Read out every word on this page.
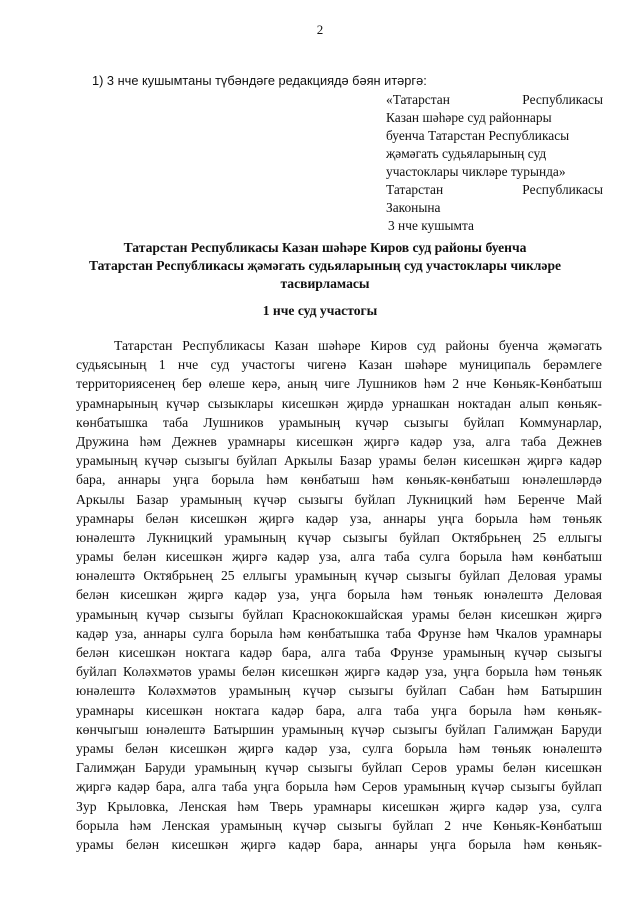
2
1) 3 нче кушымтаны түбәндәге редакциядә бәян итәргә:
«Татарстан	Республикасы
Казан шәһәре суд районнары
буенча Татарстан Республикасы
җәмәгать судьяларының суд
участоклары чикләре турында»
Татарстан	Республикасы
Законына
3 нче кушымта
Татарстан Республикасы Казан шәһәре Киров суд районы буенча
Татарстан Республикасы җәмәгать судьяларының суд участоклары чикләре
тасвирламасы
1 нче суд участогы
Татарстан Республикасы Казан шәһәре Киров суд районы буенча җәмәгать
судьясының 1 нче суд участогы чигенә Казан шәһәре муниципаль берәмлеге
территориясенең бер өлеше керә, аның чиге Лушников һәм 2 нче Көньяк-Көнбатыш
урамнарының күчәр сызыклары кисешкән җирдә урнашкан ноктадан алып көньяк-
көнбатышка таба Лушников урамының күчәр сызыгы буйлап Коммунарлар,
Дружина һәм Дежнев урамнары кисешкән җиргә кадәр уза, алга таба Дежнев
урамының күчәр сызыгы буйлап Аркылы Базар урамы белән кисешкән җиргә кадәр
бара, аннары уңга борыла һәм көнбатыш һәм көньяк-көнбатыш юнәлешләрдә
Аркылы Базар урамының күчәр сызыгы буйлап Лукницкий һәм Беренче Май
урамнары белән кисешкән җиргә кадәр уза, аннары уңга борыла һәм төньяк
юнәлештә Лукницкий урамының күчәр сызыгы буйлап Октябрьнең 25 еллыгы
урамы белән кисешкән җиргә кадәр уза, алга таба сулга борыла һәм көнбатыш
юнәлештә Октябрьнең 25 еллыгы урамының күчәр сызыгы буйлап Деловая урамы
белән кисешкән җиргә кадәр уза, уңга борыла һәм төньяк юнәлештә Деловая
урамының күчәр сызыгы буйлап Краснококшайская урамы белән кисешкән җиргә
кадәр уза, аннары сулга борыла һәм көнбатышка таба Фрунзе һәм Чкалов урамнары
белән кисешкән ноктага кадәр бара, алга таба Фрунзе урамының күчәр сызыгы
буйлап Коләхмәтов урамы белән кисешкән җиргә кадәр уза, уңга борыла һәм төньяк
юнәлештә Коләхмәтов урамының күчәр сызыгы буйлап Сабан һәм Батыршин
урамнары кисешкән ноктага кадәр бара, алга таба уңга борыла һәм көньяк-
көнчыгыш юнәлештә Батыршин урамының күчәр сызыгы буйлап Галимҗан Баруди
урамы белән кисешкән җиргә кадәр уза, сулга борыла һәм төньяк юнәлештә
Галимҗан Баруди урамының күчәр сызыгы буйлап Серов урамы белән кисешкән
җиргә кадәр бара, алга таба уңга борыла һәм Серов урамының күчәр сызыгы буйлап
Зур Крыловка, Ленская һәм Тверь урамнары кисешкән җиргә кадәр уза, сулга
борыла һәм Ленская урамының күчәр сызыгы буйлап 2 нче Көньяк-Көнбатыш
урамы белән кисешкән җиргә кадәр бара, аннары уңга борыла һәм көньяк-
